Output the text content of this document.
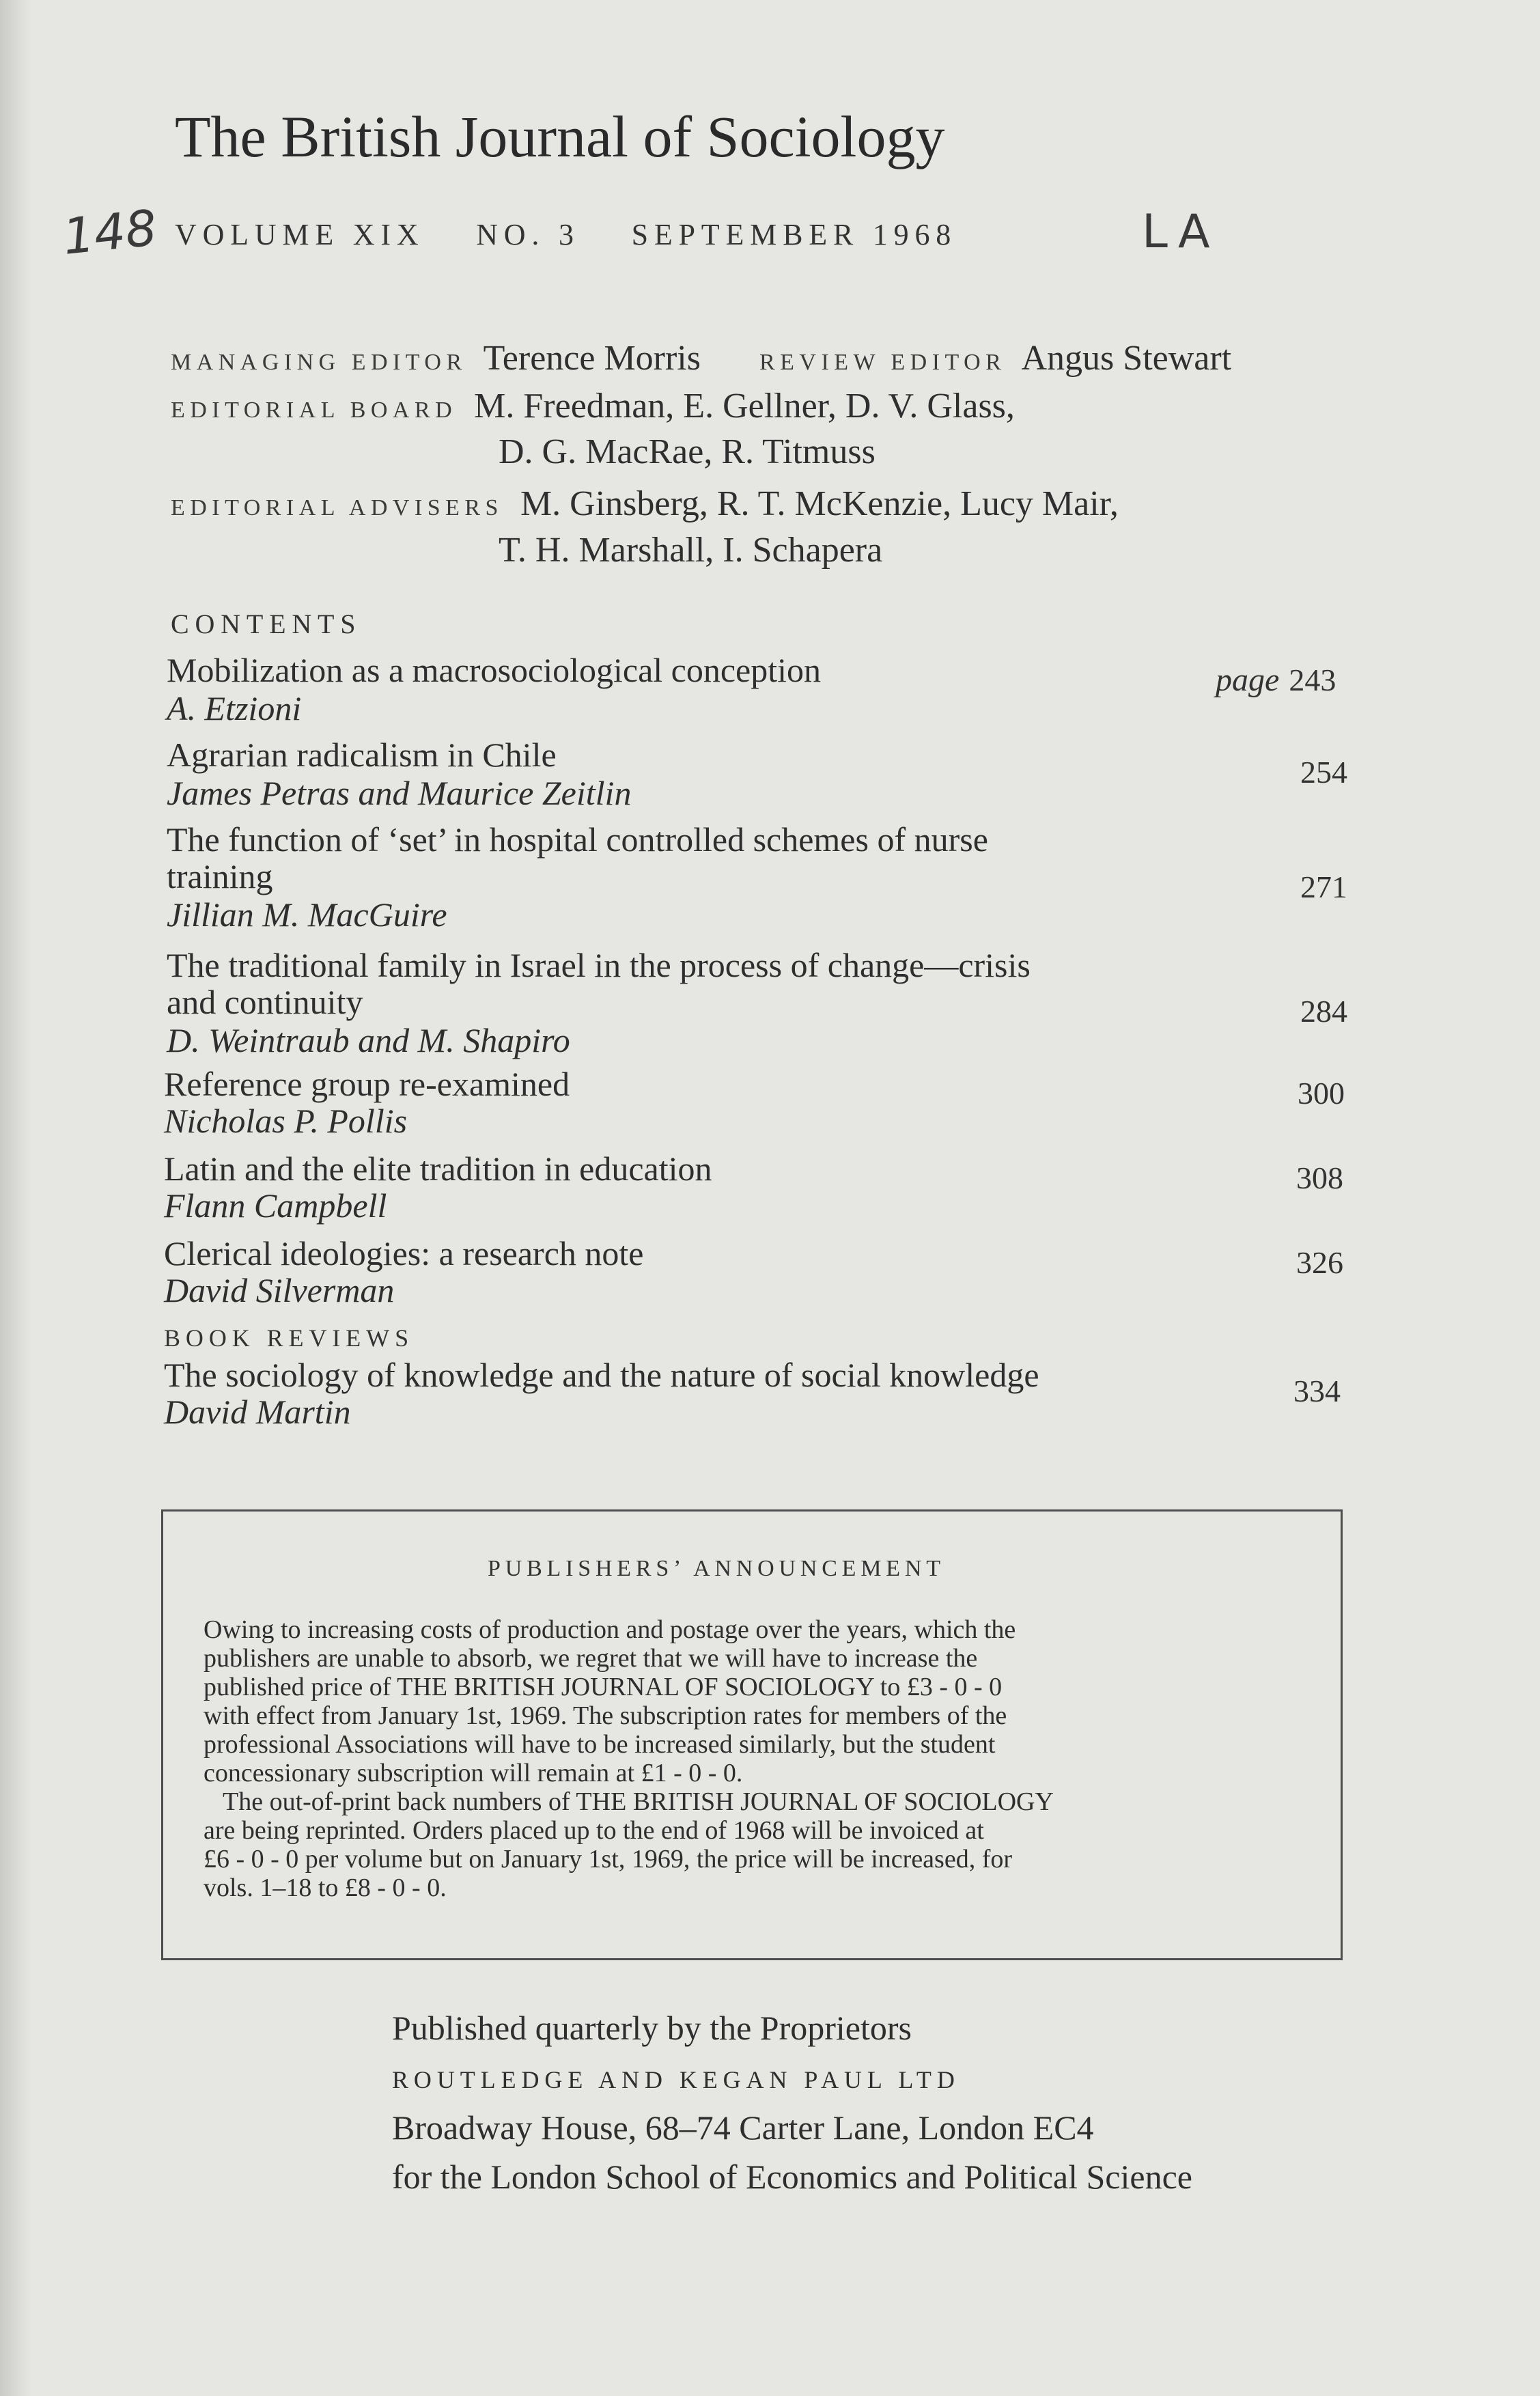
The British Journal of Sociology
148 VOLUME XIX NO. 3 SEPTEMBER 1968	LA
MANAGING EDITOR Terence Morris	REVIEW EDITOR Angus Stewart
EDITORIAL BOARD M. Freedman, E. Gellner, D. V. Glass,
D. G. MacRae, R. Titmuss
EDITORIAL ADVISERS M. Ginsberg, R. T. McKenzie, Lucy Mair,
T. H. Marshall, I. Schapera
CONTENTS
Mobilization as a macrosociological conception
A. Etzioni
page 243
Agrarian radicalism in Chile
James Petras and Maurice Zeitlin
254
The function of ‘set’ in hospital controlled schemes of nurse
training
Jillian M. MacGuire
271
The traditional family in Israel in the process of change—crisis
and continuity
D. Weintraub and M. Shapiro
284
Reference group re-examined
Nicholas P. Pollis
300
Latin and the elite tradition in education
Flann Campbell
308
Clerical ideologies: a research note
David Silverman
326
BOOK REVIEWS
The sociology of knowledge and the nature of social knowledge
David Martin
334
PUBLISHERS’ ANNOUNCEMENT
Owing to increasing costs of production and postage over the years, which the
publishers are unable to absorb, we regret that we will have to increase the
published price of THE BRITISH JOURNAL OF SOCIOLOGY to £3 - 0 - 0
with effect from January 1st, 1969. The subscription rates for members of the
professional Associations will have to be increased similarly, but the student
concessionary subscription will remain at £1 - 0 - 0.
The out-of-print back numbers of THE BRITISH JOURNAL OF SOCIOLOGY
are being reprinted. Orders placed up to the end of 1968 will be invoiced at
£6 - 0 - 0 per volume but on January 1st, 1969, the price will be increased, for
vols. 1–18 to £8 - 0 - 0.
Published quarterly by the Proprietors
ROUTLEDGE AND KEGAN PAUL LTD
Broadway House, 68–74 Carter Lane, London EC4
for the London School of Economics and Political Science
